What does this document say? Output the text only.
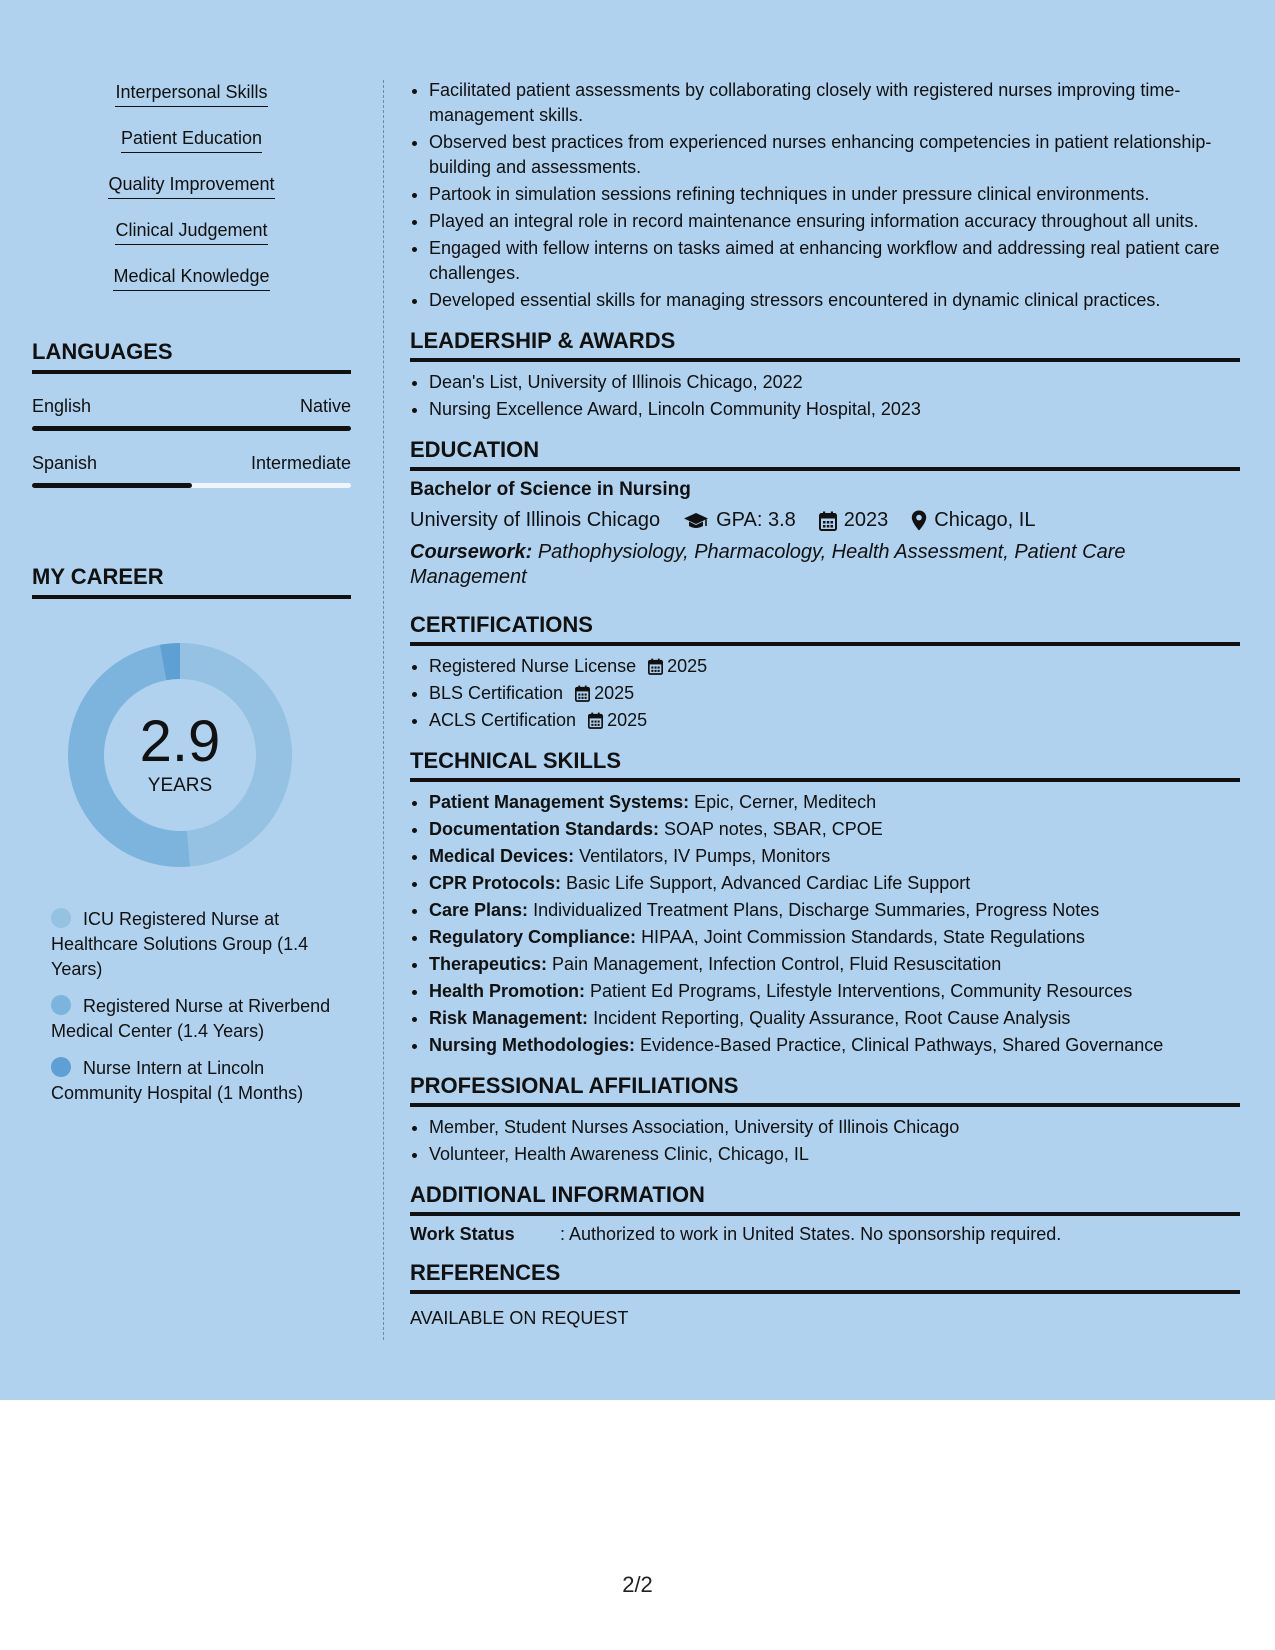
Interpersonal Skills
Patient Education
Quality Improvement
Clinical Judgement
Medical Knowledge
LANGUAGES
English	Native
Spanish	Intermediate
MY CAREER
2.9
YEARS
ICU Registered Nurse at Healthcare Solutions Group (1.4 Years)
Registered Nurse at Riverbend Medical Center (1.4 Years)
Nurse Intern at Lincoln Community Hospital (1 Months)
• Facilitated patient assessments by collaborating closely with registered nurses improving time-management skills.
• Observed best practices from experienced nurses enhancing competencies in patient relationship-building and assessments.
• Partook in simulation sessions refining techniques in under pressure clinical environments.
• Played an integral role in record maintenance ensuring information accuracy throughout all units.
• Engaged with fellow interns on tasks aimed at enhancing workflow and addressing real patient care challenges.
• Developed essential skills for managing stressors encountered in dynamic clinical practices.
LEADERSHIP & AWARDS
• Dean's List, University of Illinois Chicago, 2022
• Nursing Excellence Award, Lincoln Community Hospital, 2023
EDUCATION
Bachelor of Science in Nursing
University of Illinois Chicago	GPA: 3.8 2023 Chicago, IL
Coursework: Pathophysiology, Pharmacology, Health Assessment, Patient Care Management
CERTIFICATIONS
• Registered Nurse License 2025
• BLS Certification 2025
• ACLS Certification 2025
TECHNICAL SKILLS
• Patient Management Systems: Epic, Cerner, Meditech
• Documentation Standards: SOAP notes, SBAR, CPOE
• Medical Devices: Ventilators, IV Pumps, Monitors
• CPR Protocols: Basic Life Support, Advanced Cardiac Life Support
• Care Plans: Individualized Treatment Plans, Discharge Summaries, Progress Notes
• Regulatory Compliance: HIPAA, Joint Commission Standards, State Regulations
• Therapeutics: Pain Management, Infection Control, Fluid Resuscitation
• Health Promotion: Patient Ed Programs, Lifestyle Interventions, Community Resources
• Risk Management: Incident Reporting, Quality Assurance, Root Cause Analysis
• Nursing Methodologies: Evidence-Based Practice, Clinical Pathways, Shared Governance
PROFESSIONAL AFFILIATIONS
• Member, Student Nurses Association, University of Illinois Chicago
• Volunteer, Health Awareness Clinic, Chicago, IL
ADDITIONAL INFORMATION
Work Status	: Authorized to work in United States. No sponsorship required.
REFERENCES
AVAILABLE ON REQUEST
2/2
